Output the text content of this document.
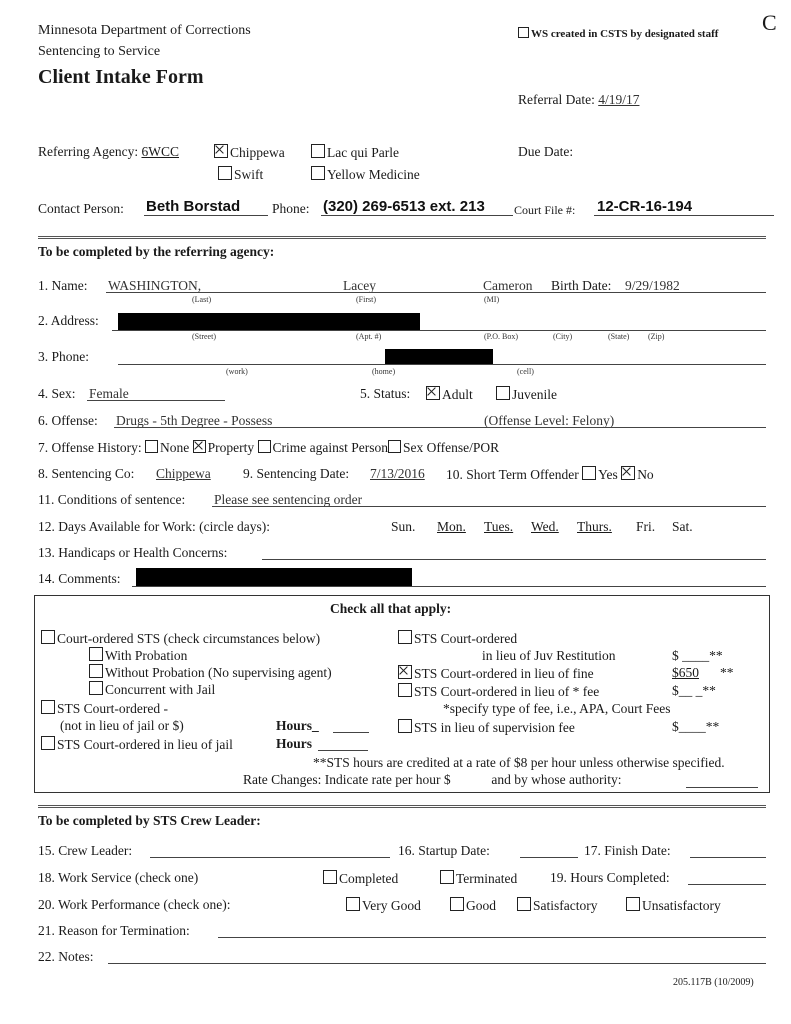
Minnesota Department of Corrections
Sentencing to Service
Client Intake Form
WS created in CSTS by designated staff C
Referral Date: 4/19/17
Referring Agency: 6WCC	Chippewa	Lac qui Parle
Swift	Yellow Medicine
Due Date:
Contact Person: Beth Borstad Phone: (320) 269-6513 ext. 213 Court File #: 12-CR-16-194
To be completed by the referring agency:
1. Name: WASHINGTON,	Lacey	Cameron Birth Date: 9/29/1982
(Last)	(First)	(MI)
2. Address:
(Street)	(Apt. #)	(P.O. Box)	(City)	(State) (Zip)
3. Phone:
(work)	(home)	(cell)
4. Sex: Female	5. Status:	Adult	Juvenile
6. Offense: Drugs - 5th Degree - Possess	(Offense Level: Felony)
7. Offense History: None Property Crime against Person Sex Offense/POR
8. Sentencing Co: Chippewa 9. Sentencing Date: 7/13/2016 10. Short Term Offender Yes No
11. Conditions of sentence: Please see sentencing order
12. Days Available for Work: (circle days):	Sun. Mon. Tues. Wed. Thurs. Fri. Sat.
13. Handicaps or Health Concerns:
14. Comments:
Check all that apply:
Court-ordered STS (check circumstances below)
With Probation
Without Probation (No supervising agent)
Concurrent with Jail
STS Court-ordered -
(not in lieu of jail or $)	Hours_
STS Court-ordered in lieu of jail	Hours
STS Court-ordered
in lieu of Juv Restitution	$ ____**
STS Court-ordered in lieu of fine	$650 **
STS Court-ordered in lieu of * fee	$__ _**
*specify type of fee, i.e., APA, Court Fees
STS in lieu of supervision fee	$____**
**STS hours are credited at a rate of $8 per hour unless otherwise specified.
Rate Changes: Indicate rate per hour $	and by whose authority:
To be completed by STS Crew Leader:
15. Crew Leader:	16. Startup Date:	17. Finish Date:
18. Work Service (check one)	Completed	Terminated 19. Hours Completed:
20. Work Performance (check one):	Very Good	Good	Satisfactory	Unsatisfactory
21. Reason for Termination:
22. Notes:
205.117B (10/2009)
